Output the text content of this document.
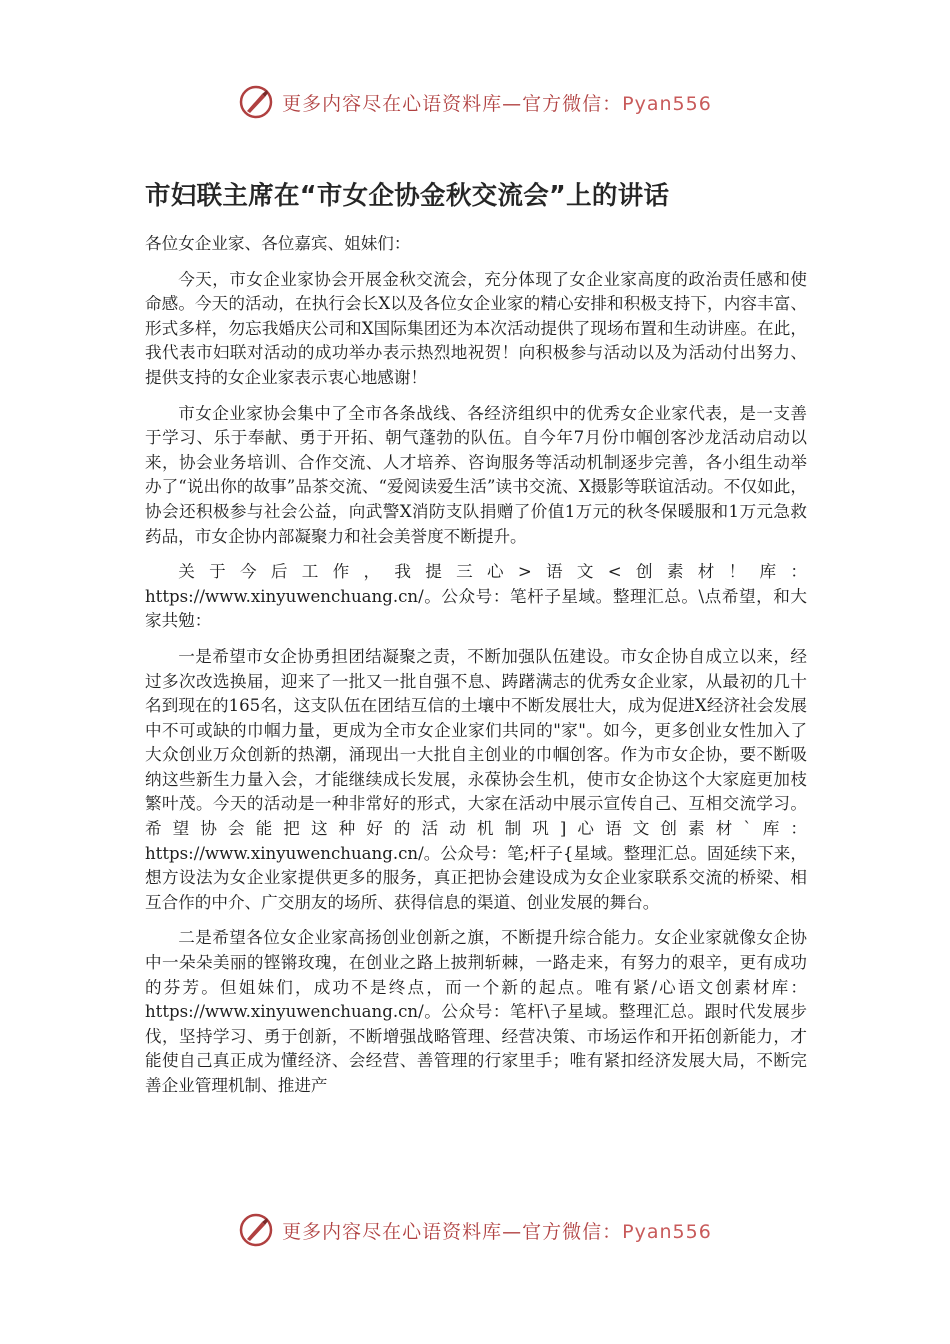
更多内容尽在心语资料库—官方微信：Pyan556
市妇联主席在“市女企协金秋交流会”上的讲话

各位女企业家、各位嘉宾、姐妹们：

今天，市女企业家协会开展金秋交流会，充分体现了女企业家高度的政治责任感和使命感。今天的活动，在执行会长X以及各位女企业家的精心安排和积极支持下，内容丰富、形式多样，勿忘我婚庆公司和X国际集团还为本次活动提供了现场布置和生动讲座。在此，我代表市妇联对活动的成功举办表示热烈地祝贺！向积极参与活动以及为活动付出努力、提供支持的女企业家表示衷心地感谢！

市女企业家协会集中了全市各条战线、各经济组织中的优秀女企业家代表，是一支善于学习、乐于奉献、勇于开拓、朝气蓬勃的队伍。自今年7月份巾帼创客沙龙活动启动以来，协会业务培训、合作交流、人才培养、咨询服务等活动机制逐步完善，各小组生动举办了“说出你的故事”品茶交流、“爱阅读爱生活”读书交流、X摄影等联谊活动。不仅如此，协会还积极参与社会公益，向武警X消防支队捐赠了价值1万元的秋冬保暖服和1万元急救药品，市女企协内部凝聚力和社会美誉度不断提升。

关于今后工作，我提三心>语文<创素材！库：https://www.xinyuwenchuang.cn/。公众号：笔杆子星域。整理汇总。\点希望，和大家共勉：

一是希望市女企协勇担团结凝聚之责，不断加强队伍建设。市女企协自成立以来，经过多次改选换届，迎来了一批又一批自强不息、踌躇满志的优秀女企业家，从最初的几十名到现在的165名，这支队伍在团结互信的土壤中不断发展壮大，成为促进X经济社会发展中不可或缺的巾帼力量，更成为全市女企业家们共同的"家"。如今，更多创业女性加入了大众创业万众创新的热潮，涌现出一大批自主创业的巾帼创客。作为市女企协，要不断吸纳这些新生力量入会，才能继续成长发展，永葆协会生机，使市女企协这个大家庭更加枝繁叶茂。今天的活动是一种非常好的形式，大家在活动中展示宣传自己、互相交流学习。希望协会能把这种好的活动机制巩]心语文创素材`库：https://www.xinyuwenchuang.cn/。公众号：笔;杆子{星域。整理汇总。固延续下来，想方设法为女企业家提供更多的服务，真正把协会建设成为女企业家联系交流的桥梁、相互合作的中介、广交朋友的场所、获得信息的渠道、创业发展的舞台。

二是希望各位女企业家高扬创业创新之旗，不断提升综合能力。女企业家就像女企协中一朵朵美丽的铿锵玫瑰，在创业之路上披荆斩棘，一路走来，有努力的艰辛，更有成功的芬芳。但姐妹们，成功不是终点，而一个新的起点。唯有紧/心语文创素材库：https://www.xinyuwenchuang.cn/。公众号：笔杆\子星域。整理汇总。跟时代发展步伐，坚持学习、勇于创新，不断增强战略管理、经营决策、市场运作和开拓创新能力，才能使自己真正成为懂经济、会经营、善管理的行家里手；唯有紧扣经济发展大局，不断完善企业管理机制、推进产

更多内容尽在心语资料库—官方微信：Pyan556
